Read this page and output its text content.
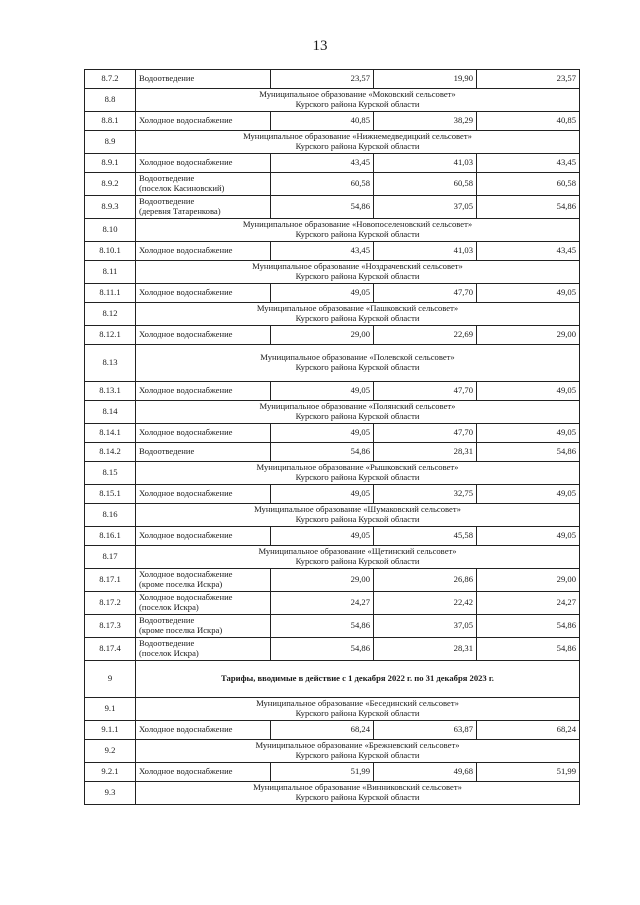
13
8.7.2	Водоотведение	23,57	19,90	23,57
8.8	Муниципальное образование «Моковский сельсовет»
Курского района Курской области			

8.8.1	Холодное водоснабжение	40,85	38,29	40,85
8.9	Муниципальное образование «Нижнемедведицкий сельсовет»
Курского района Курской области			

8.9.1	Холодное водоснабжение	43,45	41,03	43,45
8.9.2	Водоотведение
(поселок Касиновский)	60,58	60,58	60,58
8.9.3	Водоотведение
(деревня Татаренкова)	54,86	37,05	54,86
8.10	Муниципальное образование «Новопоселеновский сельсовет»
Курского района Курской области			

8.10.1	Холодное водоснабжение	43,45	41,03	43,45
8.11	Муниципальное образование «Ноздрачевский сельсовет»
Курского района Курской области			

8.11.1	Холодное водоснабжение	49,05	47,70	49,05
8.12	Муниципальное образование «Пашковский сельсовет»
Курского района Курской области			

8.12.1	Холодное водоснабжение	29,00	22,69	29,00
8.13	Муниципальное образование «Полевской сельсовет»
Курского района Курской области			

8.13.1	Холодное водоснабжение	49,05	47,70	49,05
8.14	Муниципальное образование «Полянский сельсовет»
Курского района Курской области			

8.14.1	Холодное водоснабжение	49,05	47,70	49,05
8.14.2	Водоотведение	54,86	28,31	54,86
8.15	Муниципальное образование «Рышковский сельсовет»
Курского района Курской области			

8.15.1	Холодное водоснабжение	49,05	32,75	49,05
8.16	Муниципальное образование «Шумаковский сельсовет»
Курского района Курской области			

8.16.1	Холодное водоснабжение	49,05	45,58	49,05
8.17	Муниципальное образование «Щетинский сельсовет»
Курского района Курской области			

8.17.1	Холодное водоснабжение
(кроме поселка Искра)	29,00	26,86	29,00
8.17.2	Холодное водоснабжение
(поселок Искра)	24,27	22,42	24,27
8.17.3	Водоотведение
(кроме поселка Искра)	54,86	37,05	54,86
8.17.4	Водоотведение
(поселок Искра)	54,86	28,31	54,86
9	Тарифы, вводимые в действие с 1 декабря 2022 г. по 31 декабря 2023 г.			
9.1	Муниципальное образование «Бесединский сельсовет»
Курского района Курской области			

9.1.1	Холодное водоснабжение	68,24	63,87	68,24
9.2	Муниципальное образование «Брежневский сельсовет»
Курского района Курской области			

9.2.1	Холодное водоснабжение	51,99	49,68	51,99
9.3	Муниципальное образование «Винниковский сельсовет»
Курского района Курской области			
